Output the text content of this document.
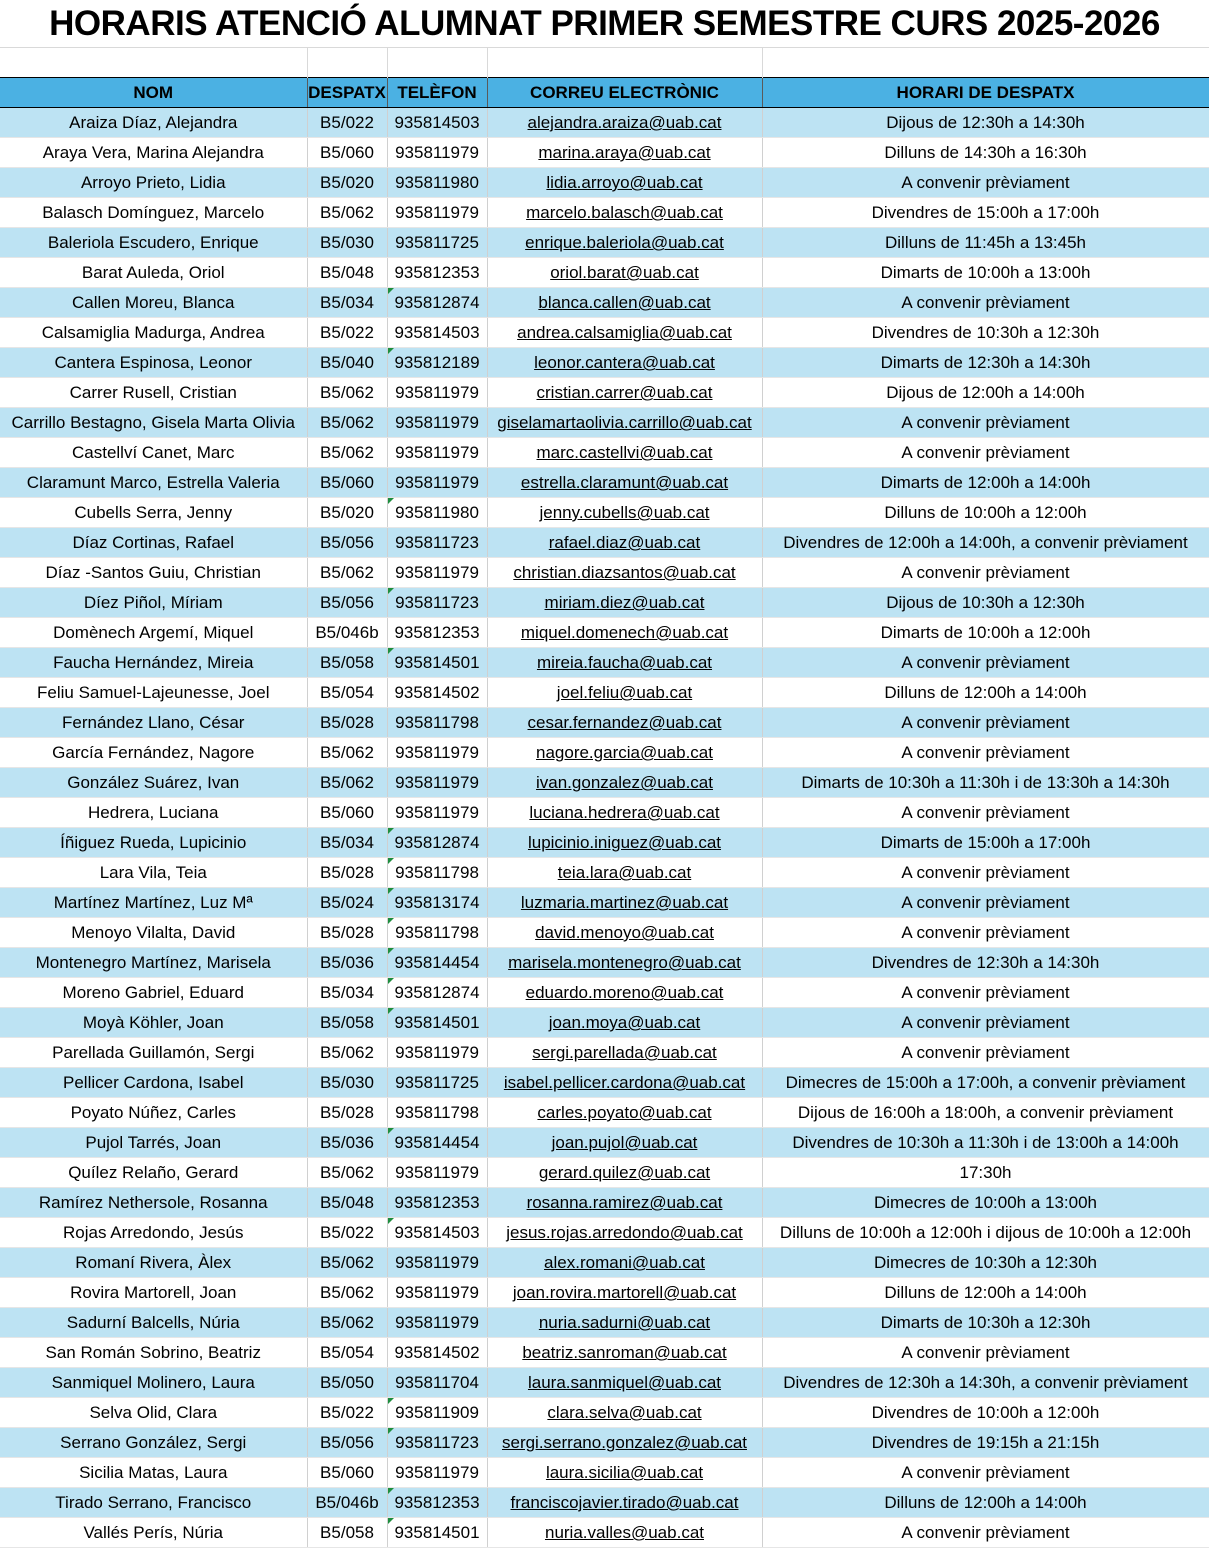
HORARIS ATENCIÓ ALUMNAT PRIMER SEMESTRE CURS 2025-2026

NOM	DESPATX	TELÈFON	CORREU ELECTRÒNIC	HORARI DE DESPATX
Araiza Díaz, Alejandra	B5/022	935814503	alejandra.araiza@uab.cat	Dijous de 12:30h a 14:30h
Araya Vera, Marina Alejandra	B5/060	935811979	marina.araya@uab.cat	Dilluns de 14:30h a 16:30h
Arroyo Prieto, Lidia	B5/020	935811980	lidia.arroyo@uab.cat	A convenir prèviament
Balasch Domínguez, Marcelo	B5/062	935811979	marcelo.balasch@uab.cat	Divendres de 15:00h a 17:00h
Baleriola Escudero, Enrique	B5/030	935811725	enrique.baleriola@uab.cat	Dilluns de 11:45h a 13:45h
Barat Auleda, Oriol	B5/048	935812353	oriol.barat@uab.cat	Dimarts de 10:00h a 13:00h
Callen Moreu, Blanca	B5/034	935812874	blanca.callen@uab.cat	A convenir prèviament
Calsamiglia Madurga, Andrea	B5/022	935814503	andrea.calsamiglia@uab.cat	Divendres de 10:30h a 12:30h
Cantera Espinosa, Leonor	B5/040	935812189	leonor.cantera@uab.cat	Dimarts de 12:30h a 14:30h
Carrer Rusell, Cristian	B5/062	935811979	cristian.carrer@uab.cat	Dijous de 12:00h a 14:00h
Carrillo Bestagno, Gisela Marta Olivia	B5/062	935811979	giselamartaolivia.carrillo@uab.cat	A convenir prèviament
Castellví Canet, Marc	B5/062	935811979	marc.castellvi@uab.cat	A convenir prèviament
Claramunt Marco, Estrella Valeria	B5/060	935811979	estrella.claramunt@uab.cat	Dimarts de 12:00h a 14:00h
Cubells Serra, Jenny	B5/020	935811980	jenny.cubells@uab.cat	Dilluns de 10:00h a 12:00h
Díaz Cortinas, Rafael	B5/056	935811723	rafael.diaz@uab.cat	Divendres de 12:00h a 14:00h, a convenir prèviament
Díaz -Santos Guiu, Christian	B5/062	935811979	christian.diazsantos@uab.cat	A convenir prèviament
Díez Piñol, Míriam	B5/056	935811723	miriam.diez@uab.cat	Dijous de 10:30h a 12:30h
Domènech Argemí, Miquel	B5/046b	935812353	miquel.domenech@uab.cat	Dimarts de 10:00h a 12:00h
Faucha Hernández, Mireia	B5/058	935814501	mireia.faucha@uab.cat	A convenir prèviament
Feliu Samuel-Lajeunesse, Joel	B5/054	935814502	joel.feliu@uab.cat	Dilluns de 12:00h a 14:00h
Fernández Llano, César	B5/028	935811798	cesar.fernandez@uab.cat	A convenir prèviament
García Fernández, Nagore	B5/062	935811979	nagore.garcia@uab.cat	A convenir prèviament
González Suárez, Ivan	B5/062	935811979	ivan.gonzalez@uab.cat	Dimarts de 10:30h a 11:30h i de 13:30h a 14:30h
Hedrera, Luciana	B5/060	935811979	luciana.hedrera@uab.cat	A convenir prèviament
Íñiguez Rueda, Lupicinio	B5/034	935812874	lupicinio.iniguez@uab.cat	Dimarts de 15:00h a 17:00h
Lara Vila, Teia	B5/028	935811798	teia.lara@uab.cat	A convenir prèviament
Martínez Martínez, Luz Mª	B5/024	935813174	luzmaria.martinez@uab.cat	A convenir prèviament
Menoyo Vilalta, David	B5/028	935811798	david.menoyo@uab.cat	A convenir prèviament
Montenegro Martínez, Marisela	B5/036	935814454	marisela.montenegro@uab.cat	Divendres de 12:30h a 14:30h
Moreno Gabriel, Eduard	B5/034	935812874	eduardo.moreno@uab.cat	A convenir prèviament
Moyà Köhler, Joan	B5/058	935814501	joan.moya@uab.cat	A convenir prèviament
Parellada Guillamón, Sergi	B5/062	935811979	sergi.parellada@uab.cat	A convenir prèviament
Pellicer Cardona, Isabel	B5/030	935811725	isabel.pellicer.cardona@uab.cat	Dimecres de 15:00h a 17:00h, a convenir prèviament
Poyato Núñez, Carles	B5/028	935811798	carles.poyato@uab.cat	Dijous de 16:00h a 18:00h, a convenir prèviament
Pujol Tarrés, Joan	B5/036	935814454	joan.pujol@uab.cat	Divendres de 10:30h a 11:30h i de 13:00h a 14:00h
Quílez Relaño, Gerard	B5/062	935811979	gerard.quilez@uab.cat	17:30h
Ramírez Nethersole, Rosanna	B5/048	935812353	rosanna.ramirez@uab.cat	Dimecres de 10:00h a 13:00h
Rojas Arredondo, Jesús	B5/022	935814503	jesus.rojas.arredondo@uab.cat	Dilluns de 10:00h a 12:00h i dijous de 10:00h a 12:00h
Romaní Rivera, Àlex	B5/062	935811979	alex.romani@uab.cat	Dimecres de 10:30h a 12:30h
Rovira Martorell, Joan	B5/062	935811979	joan.rovira.martorell@uab.cat	Dilluns de 12:00h a 14:00h
Sadurní Balcells, Núria	B5/062	935811979	nuria.sadurni@uab.cat	Dimarts de 10:30h a 12:30h
San Román Sobrino, Beatriz	B5/054	935814502	beatriz.sanroman@uab.cat	A convenir prèviament
Sanmiquel Molinero, Laura	B5/050	935811704	laura.sanmiquel@uab.cat	Divendres de 12:30h a 14:30h, a convenir prèviament
Selva Olid, Clara	B5/022	935811909	clara.selva@uab.cat	Divendres de 10:00h a 12:00h
Serrano González, Sergi	B5/056	935811723	sergi.serrano.gonzalez@uab.cat	Divendres de 19:15h a 21:15h
Sicilia Matas, Laura	B5/060	935811979	laura.sicilia@uab.cat	A convenir prèviament
Tirado Serrano, Francisco	B5/046b	935812353	franciscojavier.tirado@uab.cat	Dilluns de 12:00h a 14:00h
Vallés Perís, Núria	B5/058	935814501	nuria.valles@uab.cat	A convenir prèviament
